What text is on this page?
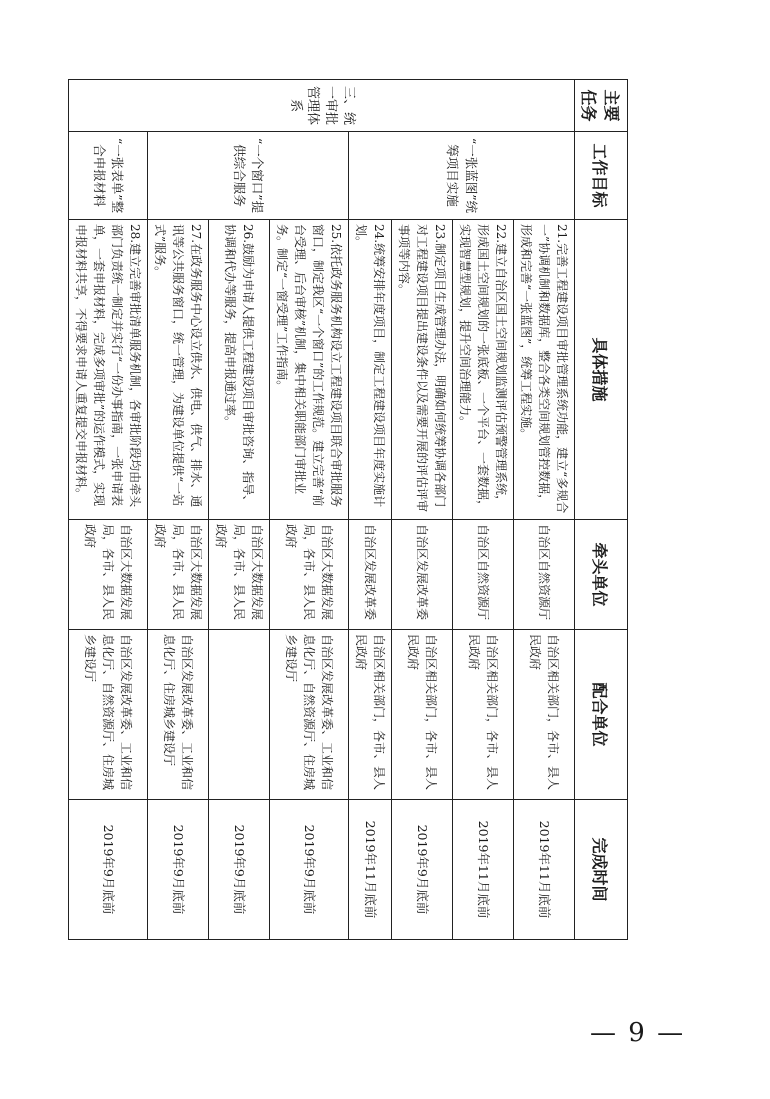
主要任务	工作目标	具体措施	牵头单位	配合单位	完成时间
三、统一审批管理体系	“一张蓝图”统筹项目实施	21.完善工程建设项目审批管理系统功能，建立“多规合一”协调机制和数据库，整合各类空间规划管控数据，形成和完善“一张蓝图”，统筹工程实施。	自治区自然资源厅	自治区相关部门，各市、县人民政府	2019年11月底前
		22.建立自治区国土空间规划监测评估预警管理系统，形成国土空间规划的一张底板、一个平台、一套数据，实现智慧型规划，提升空间治理能力。	自治区自然资源厅	自治区相关部门，各市、县人民政府	2019年11月底前
		23.制定项目生成管理办法，明确如何统筹协调各部门对工程建设项目提出建设条件以及需要开展的评估评审事项等内容。	自治区发展改革委	自治区相关部门，各市、县人民政府	2019年9月底前
		24.统筹安排年度项目，制定工程建设项目年度实施计划。	自治区发展改革委	自治区相关部门，各市、县人民政府	2019年11月底前
	“一个窗口”提供综合服务	25.依托政务服务机构设立工程建设项目联合审批服务窗口，制定我区“一个窗口”的工作规范。建立完善“前台受理、后台审核”机制，集中相关职能部门审批业务。制定“一窗受理”工作指南。	自治区大数据发展局，各市、县人民政府	自治区发展改革委、工业和信息化厅、自然资源厅、住房城乡建设厅	2019年9月底前
		26.鼓励为申请人提供工程建设项目审批咨询、指导、协调和代办等服务，提高申报通过率。	自治区大数据发展局，各市、县人民政府		2019年9月底前
		27.在政务服务中心设立供水、供电、供气、排水、通讯等公共服务窗口，统一管理，为建设单位提供“一站式”服务。	自治区大数据发展局，各市、县人民政府	自治区发展改革委、工业和信息化厅、住房城乡建设厅	2019年9月底前
	“一张表单”整合申报材料	28.建立完善审批清单服务机制，各审批阶段均由牵头部门负责统一制定并实行“一份办事指南，一张申请表单，一套申报材料，完成多项审批”的运作模式，实现申报材料共享，不得要求申请人重复提交申报材料。	自治区大数据发展局，各市、县人民政府	自治区发展改革委、工业和信息化厅、自然资源厅、住房城乡建设厅	2019年9月底前
— 9 —
